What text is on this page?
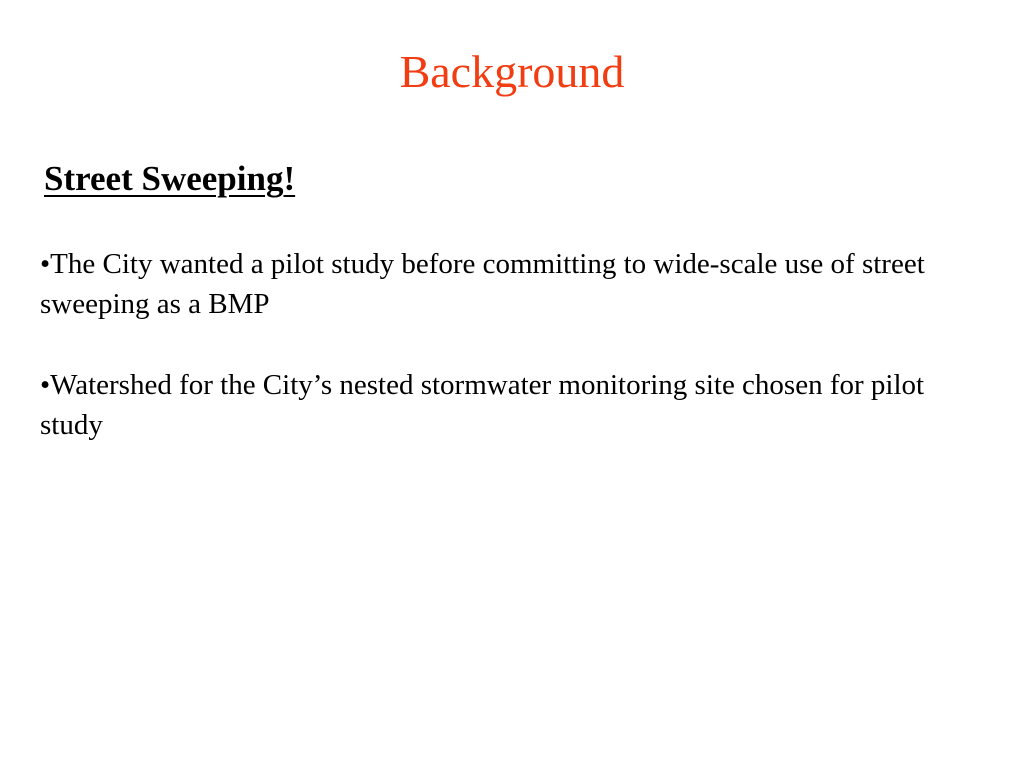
Background
Street Sweeping!
•The City wanted a pilot study before committing to wide-scale use of street sweeping as a BMP
•Watershed for the City’s nested stormwater monitoring site chosen for pilot study
